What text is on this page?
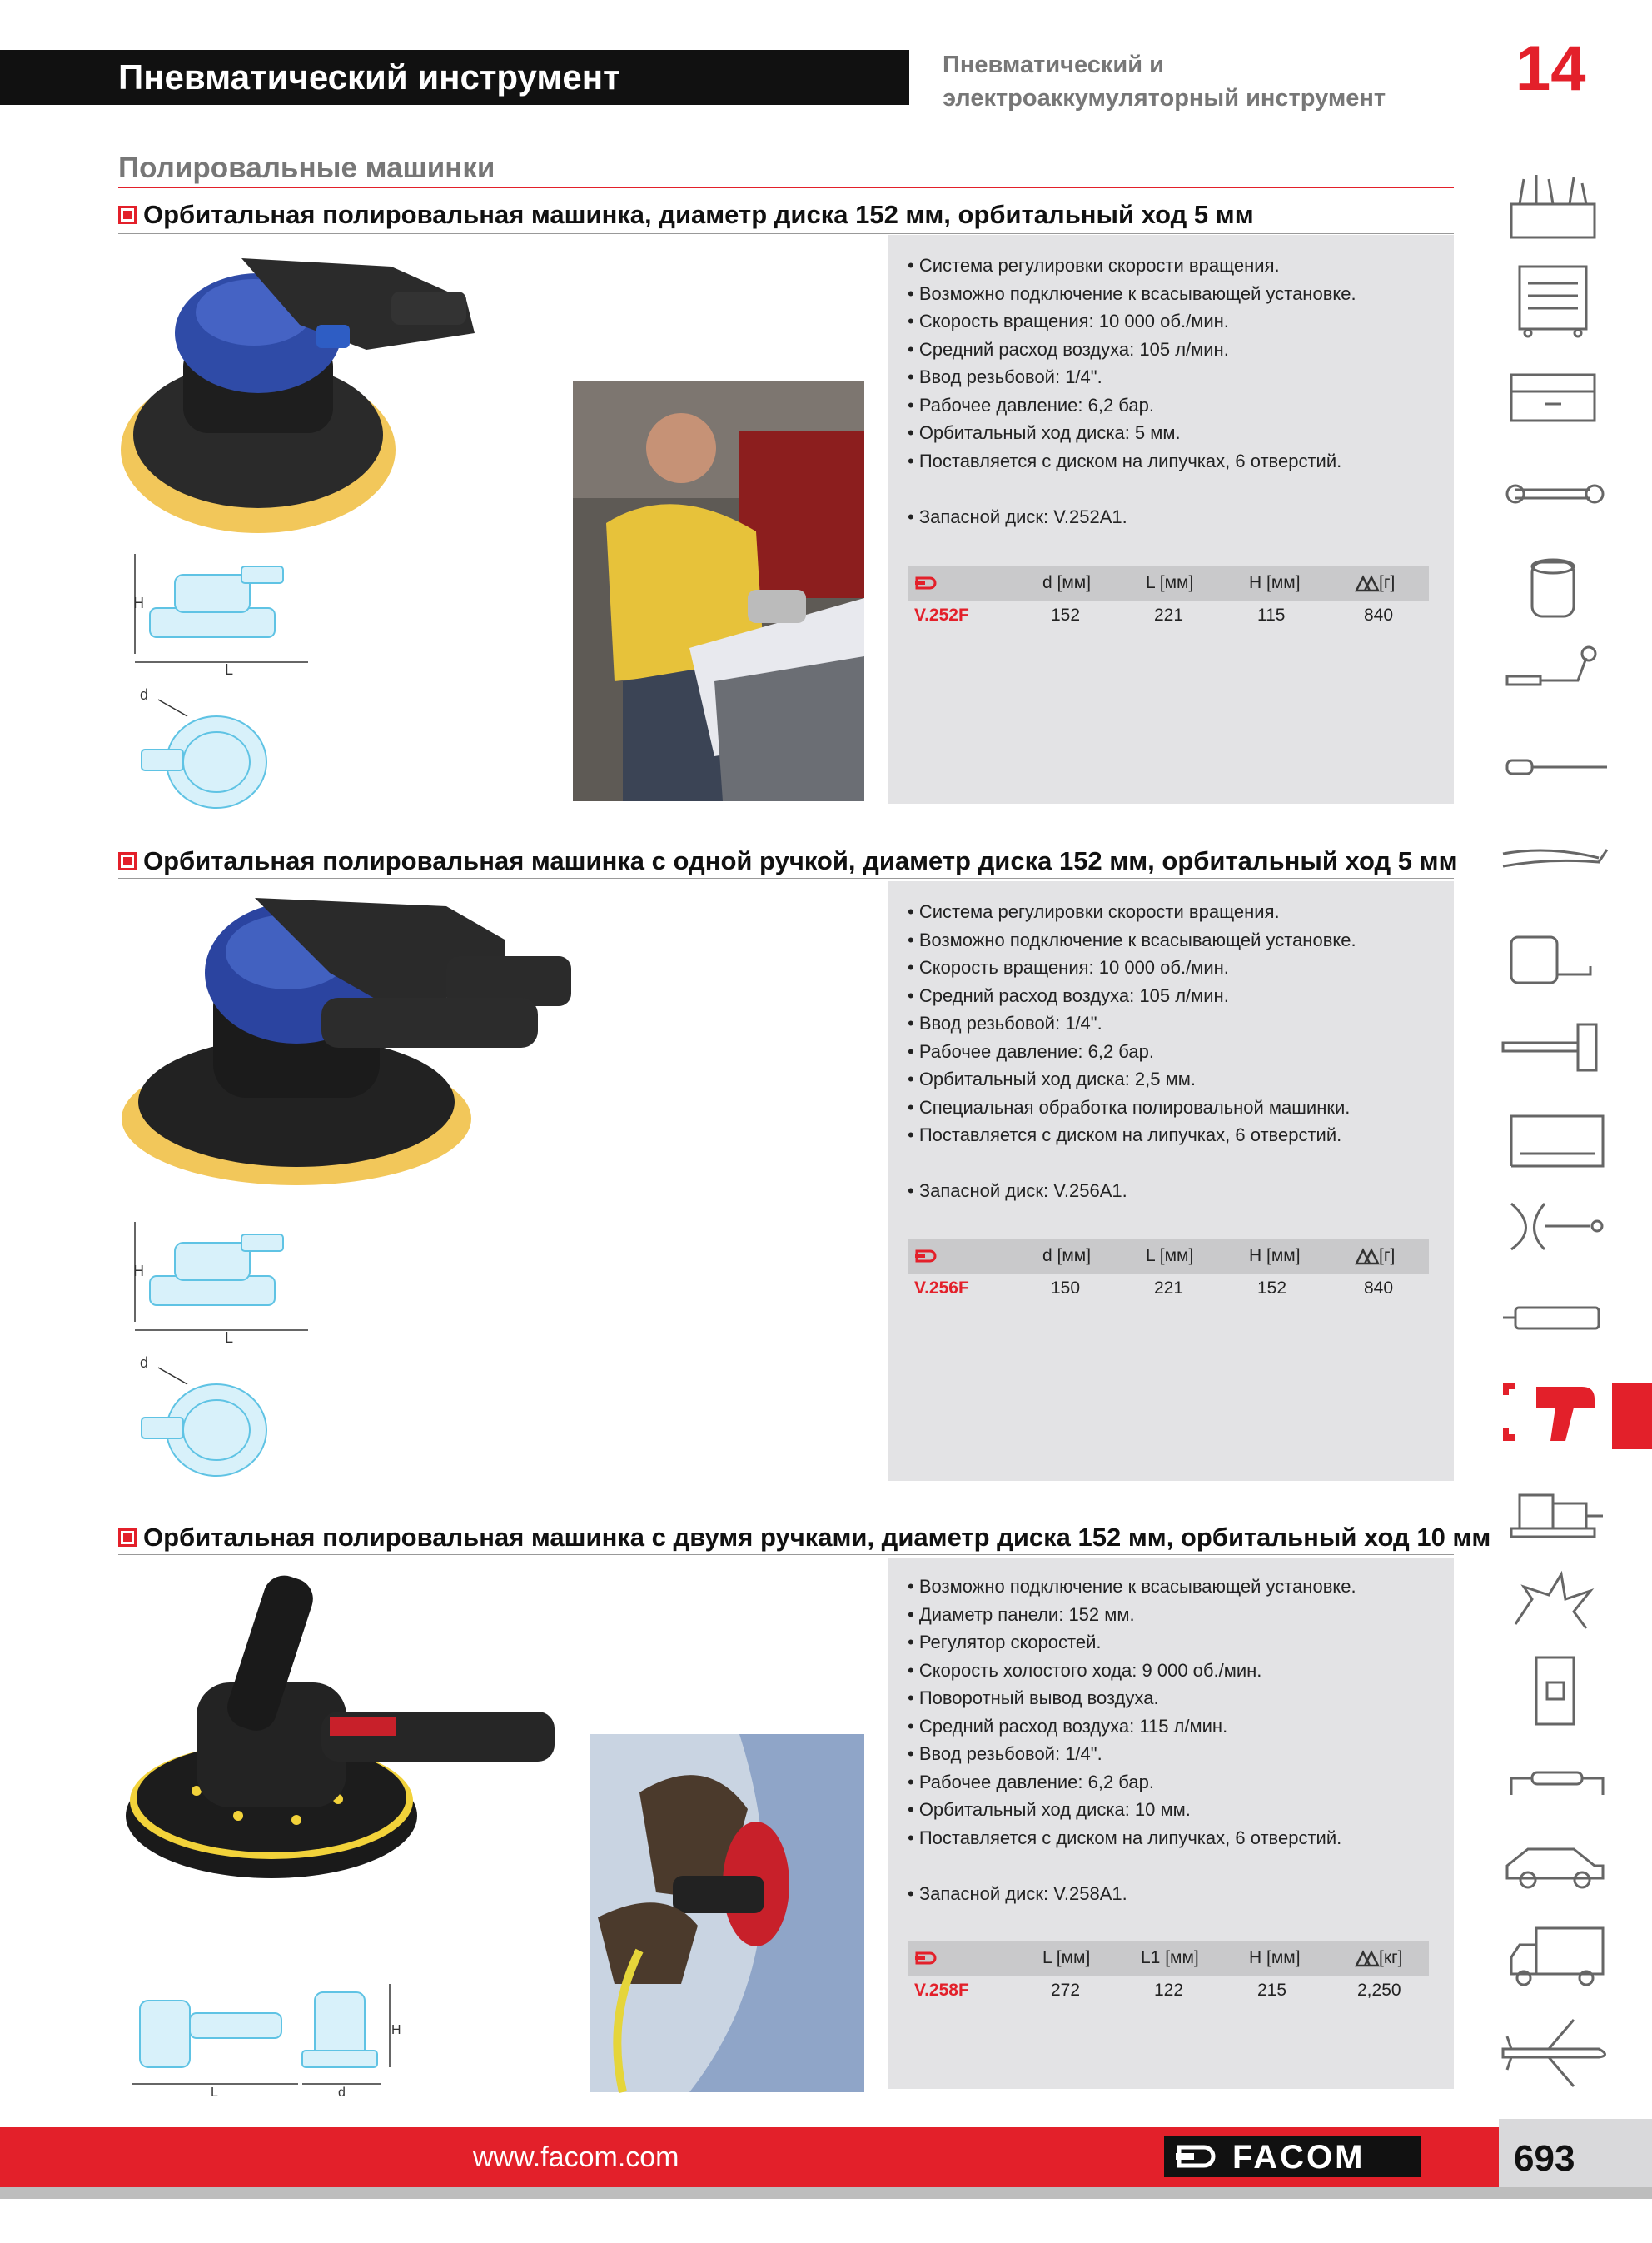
Пневматический инструмент	Пневматический и
электроаккумуляторный инструмент	14
Полировальные машинки
Орбитальная полировальная машинка, диаметр диска 152 мм, орбитальный ход 5 мм
• Система регулировки скорости вращения.
• Возможно подключение к всасывающей установке.
• Скорость вращения: 10 000 об./мин.
• Средний расход воздуха: 105 л/мин.
• Ввод резьбовой: 1/4".
• Рабочее давление: 6,2 бар.
• Орбитальный ход диска: 5 мм.
• Поставляется с диском на липучках, 6 отверстий.
• Запасной диск: V.252A1.
d [мм]	L [мм]	H [мм]	[г]
V.252F	152	221	115	840
H
L
d
Орбитальная полировальная машинка с одной ручкой, диаметр диска 152 мм, орбитальный ход 5 мм
• Система регулировки скорости вращения.
• Возможно подключение к всасывающей установке.
• Скорость вращения: 10 000 об./мин.
• Средний расход воздуха: 105 л/мин.
• Ввод резьбовой: 1/4".
• Рабочее давление: 6,2 бар.
• Орбитальный ход диска: 2,5 мм.
• Специальная обработка полировальной машинки.
• Поставляется с диском на липучках, 6 отверстий.
• Запасной диск: V.256A1.
d [мм]	L [мм]	H [мм]	[г]
V.256F	150	221	152	840
H
L
d
Орбитальная полировальная машинка с двумя ручками, диаметр диска 152 мм, орбитальный ход 10 мм
• Возможно подключение к всасывающей установке.
• Диаметр панели: 152 мм.
• Регулятор скоростей.
• Скорость холостого хода: 9 000 об./мин.
• Поворотный вывод воздуха.
• Средний расход воздуха: 115 л/мин.
• Ввод резьбовой: 1/4".
• Рабочее давление: 6,2 бар.
• Орбитальный ход диска: 10 мм.
• Поставляется с диском на липучках, 6 отверстий.
• Запасной диск: V.258A1.
L [мм]	L1 [мм]	H [мм]	[кг]
V.258F	272	122	215	2,250
L	d
H
www.facom.com	FACOM	693
